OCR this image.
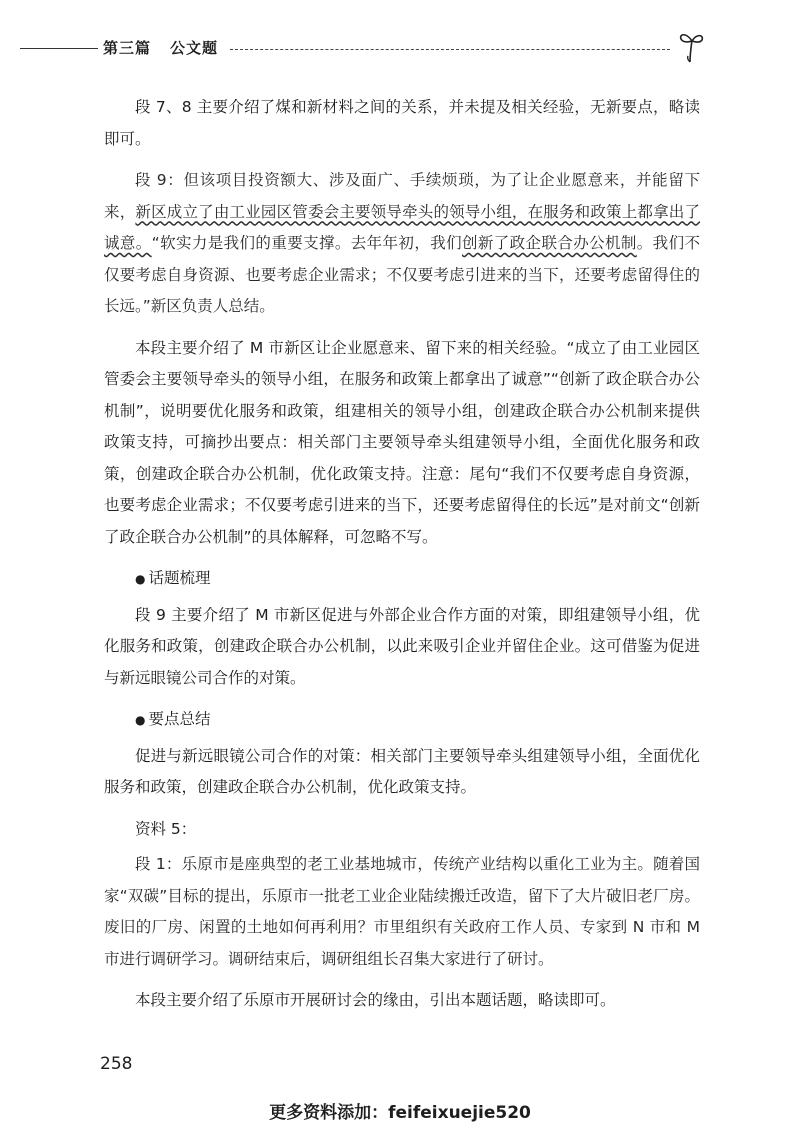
第三篇 公文题

段 7、8 主要介绍了煤和新材料之间的关系，并未提及相关经验，无新要点，略读即可。

段 9：但该项目投资额大、涉及面广、手续烦琐，为了让企业愿意来，并能留下来，新区成立了由工业园区管委会主要领导牵头的领导小组，在服务和政策上都拿出了诚意。“软实力是我们的重要支撑。去年年初，我们创新了政企联合办公机制。我们不仅要考虑自身资源、也要考虑企业需求；不仅要考虑引进来的当下，还要考虑留得住的长远。”新区负责人总结。

本段主要介绍了 M 市新区让企业愿意来、留下来的相关经验。“成立了由工业园区管委会主要领导牵头的领导小组，在服务和政策上都拿出了诚意”“创新了政企联合办公机制”，说明要优化服务和政策，组建相关的领导小组，创建政企联合办公机制来提供政策支持，可摘抄出要点：相关部门主要领导牵头组建领导小组，全面优化服务和政策，创建政企联合办公机制，优化政策支持。注意：尾句“我们不仅要考虑自身资源，也要考虑企业需求；不仅要考虑引进来的当下，还要考虑留得住的长远”是对前文“创新了政企联合办公机制”的具体解释，可忽略不写。

● 话题梳理

段 9 主要介绍了 M 市新区促进与外部企业合作方面的对策，即组建领导小组，优化服务和政策，创建政企联合办公机制，以此来吸引企业并留住企业。这可借鉴为促进与新远眼镜公司合作的对策。

● 要点总结

促进与新远眼镜公司合作的对策：相关部门主要领导牵头组建领导小组，全面优化服务和政策，创建政企联合办公机制，优化政策支持。

资料 5：

段 1：乐原市是座典型的老工业基地城市，传统产业结构以重化工业为主。随着国家“双碳”目标的提出，乐原市一批老工业企业陆续搬迁改造，留下了大片破旧老厂房。废旧的厂房、闲置的土地如何再利用？市里组织有关政府工作人员、专家到 N 市和 M 市进行调研学习。调研结束后，调研组组长召集大家进行了研讨。

本段主要介绍了乐原市开展研讨会的缘由，引出本题话题，略读即可。

258
更多资料添加：feifeixuejie520
